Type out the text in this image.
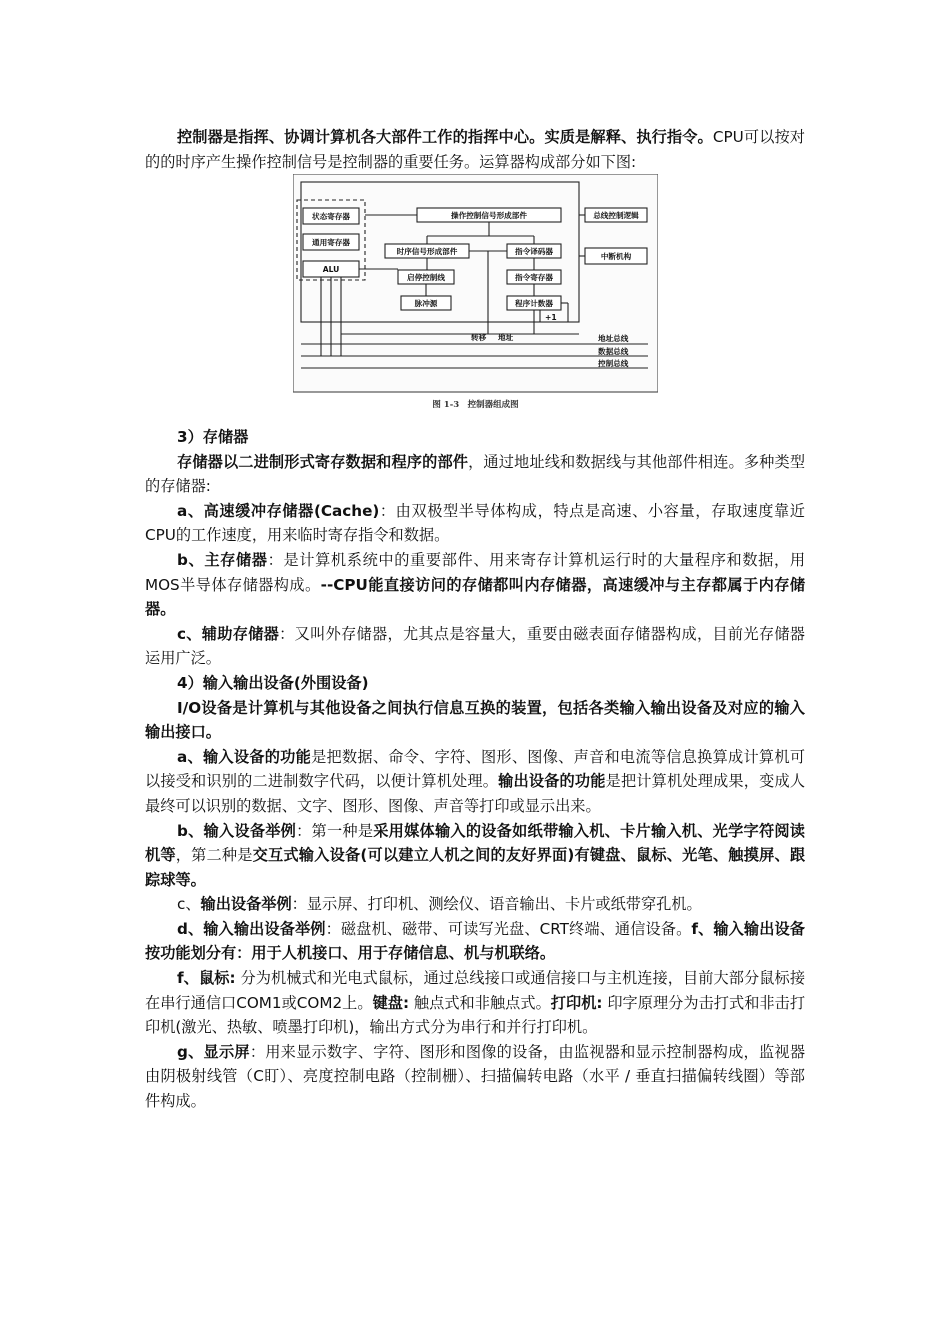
控制器是指挥、协调计算机各大部件工作的指挥中心。实质是解释、执行指令。CPU可以按对的的时序产生操作控制信号是控制器的重要任务。运算器构成部分如下图:

状态寄存器
通用寄存器
ALU
操作控制信号形成部件	总线控制逻辑
中断机构
时序信号形成部件
启停控制线
脉冲源
指令译码器
指令寄存器
程序计数器
+1
转移 地址	地址总线
数据总线
控制总线
图 1-3　控制器组成图

3）存储器

存储器以二进制形式寄存数据和程序的部件，通过地址线和数据线与其他部件相连。多种类型的存储器:

a、高速缓冲存储器(Cache)：由双极型半导体构成，特点是高速、小容量，存取速度靠近CPU的工作速度，用来临时寄存指令和数据。

b、主存储器：是计算机系统中的重要部件、用来寄存计算机运行时的大量程序和数据，用MOS半导体存储器构成。--CPU能直接访问的存储都叫内存储器，高速缓冲与主存都属于内存储器。

c、辅助存储器：又叫外存储器，尤其点是容量大，重要由磁表面存储器构成，目前光存储器运用广泛。

4）输入输出设备(外围设备)

I/O设备是计算机与其他设备之间执行信息互换的装置，包括各类输入输出设备及对应的输入输出接口。

a、输入设备的功能是把数据、命令、字符、图形、图像、声音和电流等信息换算成计算机可以接受和识别的二进制数字代码，以便计算机处理。输出设备的功能是把计算机处理成果，变成人最终可以识别的数据、文字、图形、图像、声音等打印或显示出来。

b、输入设备举例：第一种是采用媒体输入的设备如纸带输入机、卡片输入机、光学字符阅读机等，第二种是交互式输入设备(可以建立人机之间的友好界面)有键盘、鼠标、光笔、触摸屏、跟踪球等。

c、输出设备举例：显示屏、打印机、测绘仪、语音输出、卡片或纸带穿孔机。

d、输入输出设备举例：磁盘机、磁带、可读写光盘、CRT终端、通信设备。f、输入输出设备按功能划分有：用于人机接口、用于存储信息、机与机联络。

f、鼠标: 分为机械式和光电式鼠标，通过总线接口或通信接口与主机连接，目前大部分鼠标接在串行通信口COM1或COM2上。键盘: 触点式和非触点式。打印机: 印字原理分为击打式和非击打印机(激光、热敏、喷墨打印机)，输出方式分为串行和并行打印机。

g、显示屏：用来显示数字、字符、图形和图像的设备，由监视器和显示控制器构成，监视器由阴极射线管（C盯）、亮度控制电路（控制栅）、扫描偏转电路（水平 / 垂直扫描偏转线圈）等部件构成。
